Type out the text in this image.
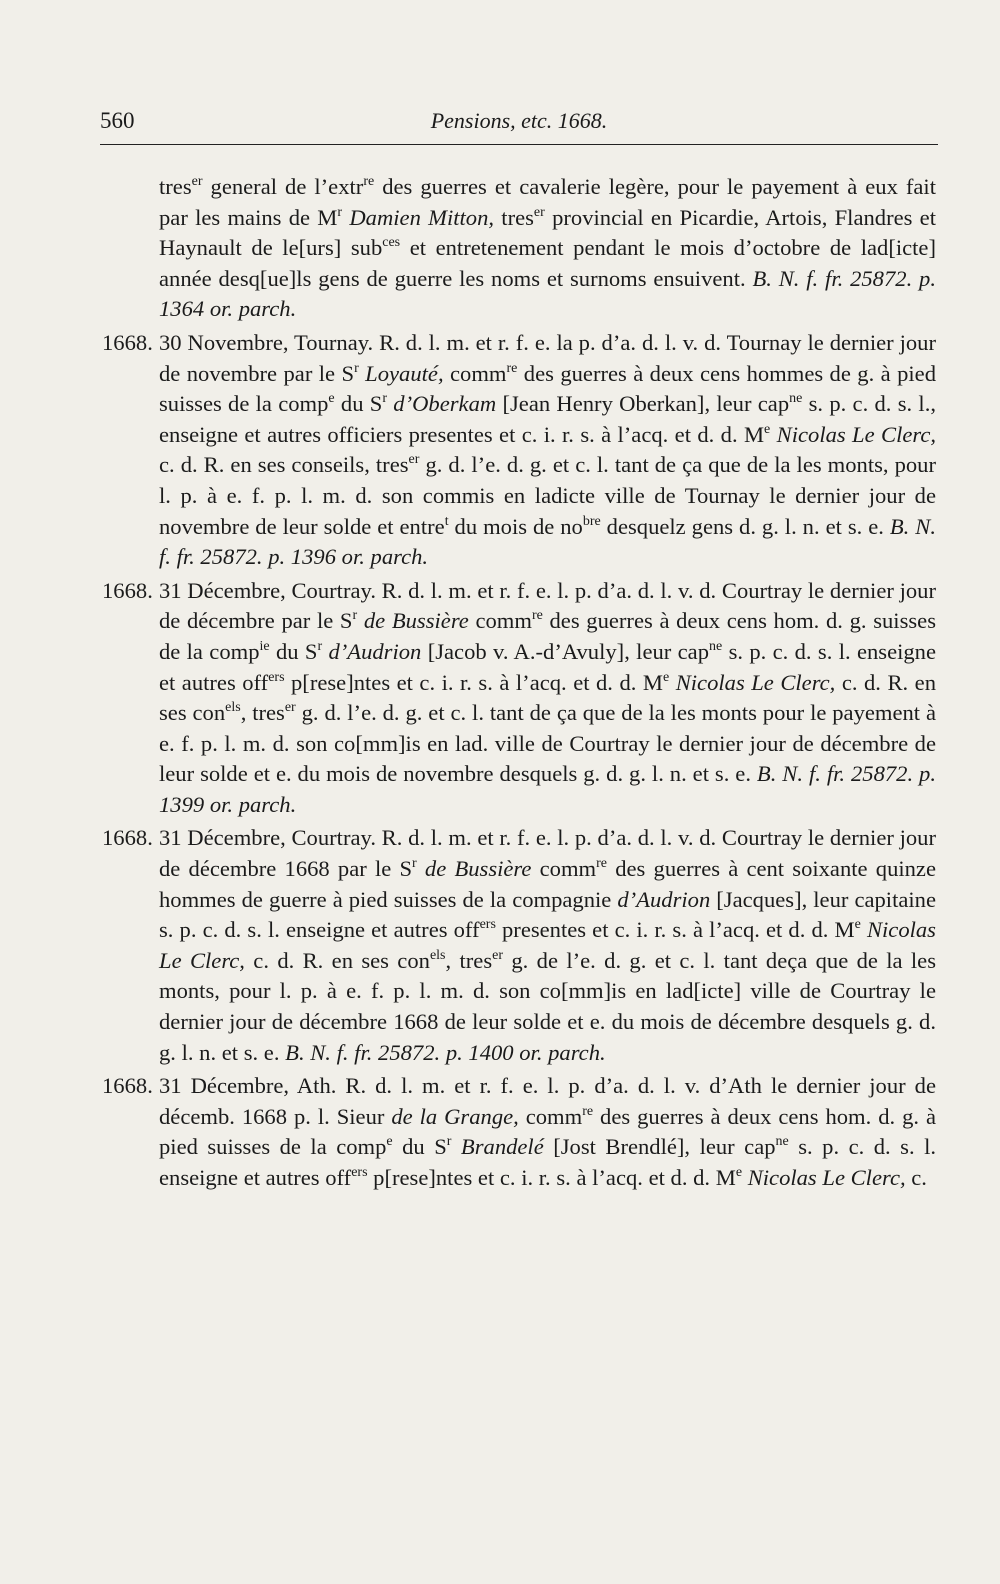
560	Pensions, etc. 1668.

tres$^{er}$ general de l’extr$^{re}$ des guerres et cavalerie legère, pour le payement à eux fait par les mains de $M^r$ Damien Mitton, tres$^{er}$ provincial en Picardie, Artois, Flandres et Haynault de le[urs] sub$^{ces}$ et entretenement pendant le mois d’octobre de lad[icte] année desq[ue]ls gens de guerre les noms et surnoms ensuivent. B. N. f. fr. 25872. p. 1364 or. parch.

1668. 30 Novembre, Tournay. R. d. l. m. et r. f. e. la p. d’a. d. l. v. d. Tournay le dernier jour de novembre par le $S^r$ Loyauté, comm$^{re}$ des guerres à deux cens hommes de g. à pied suisses de la comp$^e$ du $S^r$ d’Oberkam [Jean Henry Oberkan], leur cap$^{ne}$ s. p. c. d. s. l., enseigne et autres officiers presentes et c. i. r. s. à l’acq. et d. d. Me Nicolas Le Clerc, c. d. R. en ses conseils, tres$^{er}$ g. d. l’e. d. g. et c. l. tant de ça que de la les monts, pour l. p. à e. f. p. l. m. d. son commis en ladicte ville de Tournay le dernier jour de novembre de leur solde et entre$^t$ du mois de $no^{bre}$ desquelz gens d. g. l. n. et s. e. B. N. f. fr. 25872. p. 1396 or. parch.

1668. 31 Décembre, Courtray. R. d. l. m. et r. f. e. l. p. d’a. d. l. v. d. Courtray le dernier jour de décembre par le $S^r$ de Bussière comm$^{re}$ des guerres à deux cens hom. d. g. suisses de la comp$^{ie}$ du $S^r$ d’Audrion [Jacob v. A.-d’Avuly], leur cap$^{ne}$ s. p. c. d. s. l. enseigne et autres off$^{ers}$ p[rese]ntes et c. i. r. s. à l’acq. et d. d. Me Nicolas Le Clerc, c. d. R. en ses con$^{els}$, tres$^{er}$ g. d. l’e. d. g. et c. l. tant de ça que de la les monts pour le payement à e. f. p. l. m. d. son co[mm]is en lad. ville de Courtray le dernier jour de décembre de leur solde et e. du mois de novembre desquels g. d. g. l. n. et s. e. B. N. f. fr. 25872. p. 1399 or. parch.

1668. 31 Décembre, Courtray. R. d. l. m. et r. f. e. l. p. d’a. d. l. v. d. Courtray le dernier jour de décembre 1668 par le $S^r$ de Bussière comm$^{re}$ des guerres à cent soixante quinze hommes de guerre à pied suisses de la compagnie d’Audrion [Jacques], leur capitaine s. p. c. d. s. l. enseigne et autres off$^{ers}$ presentes et c. i. r. s. à l’acq. et d. d. Me Nicolas Le Clerc, c. d. R. en ses con$^{els}$, tres$^{er}$ g. de l’e. d. g. et c. l. tant deça que de la les monts, pour l. p. à e. f. p. l. m. d. son co[mm]is en lad[icte] ville de Courtray le dernier jour de décembre 1668 de leur solde et e. du mois de décembre desquels g. d. g. l. n. et s. e. B. N. f. fr. 25872. p. 1400 or. parch.

1668. 31 Décembre, Ath. R. d. l. m. et r. f. e. l. p. d’a. d. l. v. d’Ath le dernier jour de décemb. 1668 p. l. Sieur de la Grange, comm$^{re}$ des guerres à deux cens hom. d. g. à pied suisses de la comp$^e$ du $S^r$ Brandelé [Jost Brendlé], leur cap$^{ne}$ s. p. c. d. s. l. enseigne et autres off$^{ers}$ p[rese]ntes et c. i. r. s. à l’acq. et d. d. Me Nicolas Le Clerc, c.
